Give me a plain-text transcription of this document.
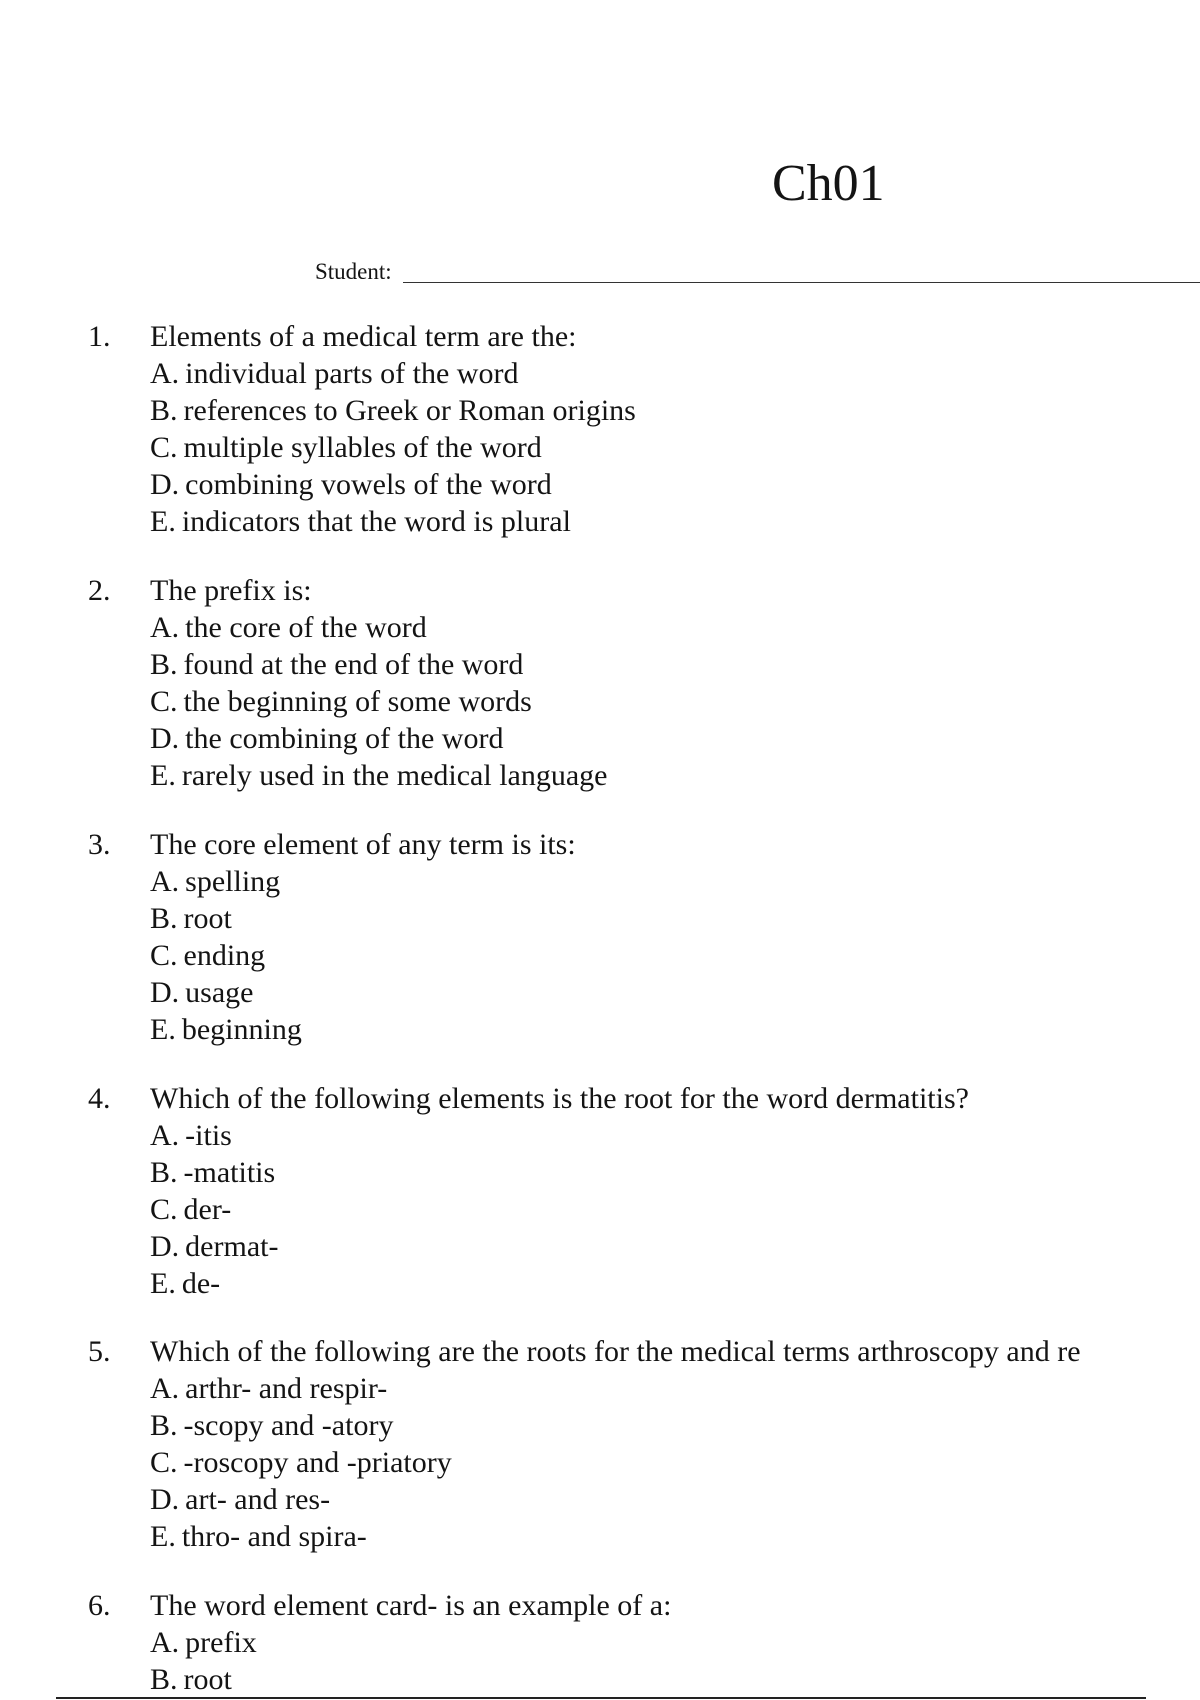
Ch01
Student:
1. Elements of a medical term are the:
A. individual parts of the word
B. references to Greek or Roman origins
C. multiple syllables of the word
D. combining vowels of the word
E. indicators that the word is plural
2. The prefix is:
A. the core of the word
B. found at the end of the word
C. the beginning of some words
D. the combining of the word
E. rarely used in the medical language
3. The core element of any term is its:
A. spelling
B. root
C. ending
D. usage
E. beginning
4. Which of the following elements is the root for the word dermatitis?
A. -itis
B. -matitis
C. der-
D. dermat-
E. de-
5. Which of the following are the roots for the medical terms arthroscopy and re
A. arthr- and respir-
B. -scopy and -atory
C. -roscopy and -priatory
D. art- and res-
E. thro- and spira-
6. The word element card- is an example of a:
A. prefix
B. root
